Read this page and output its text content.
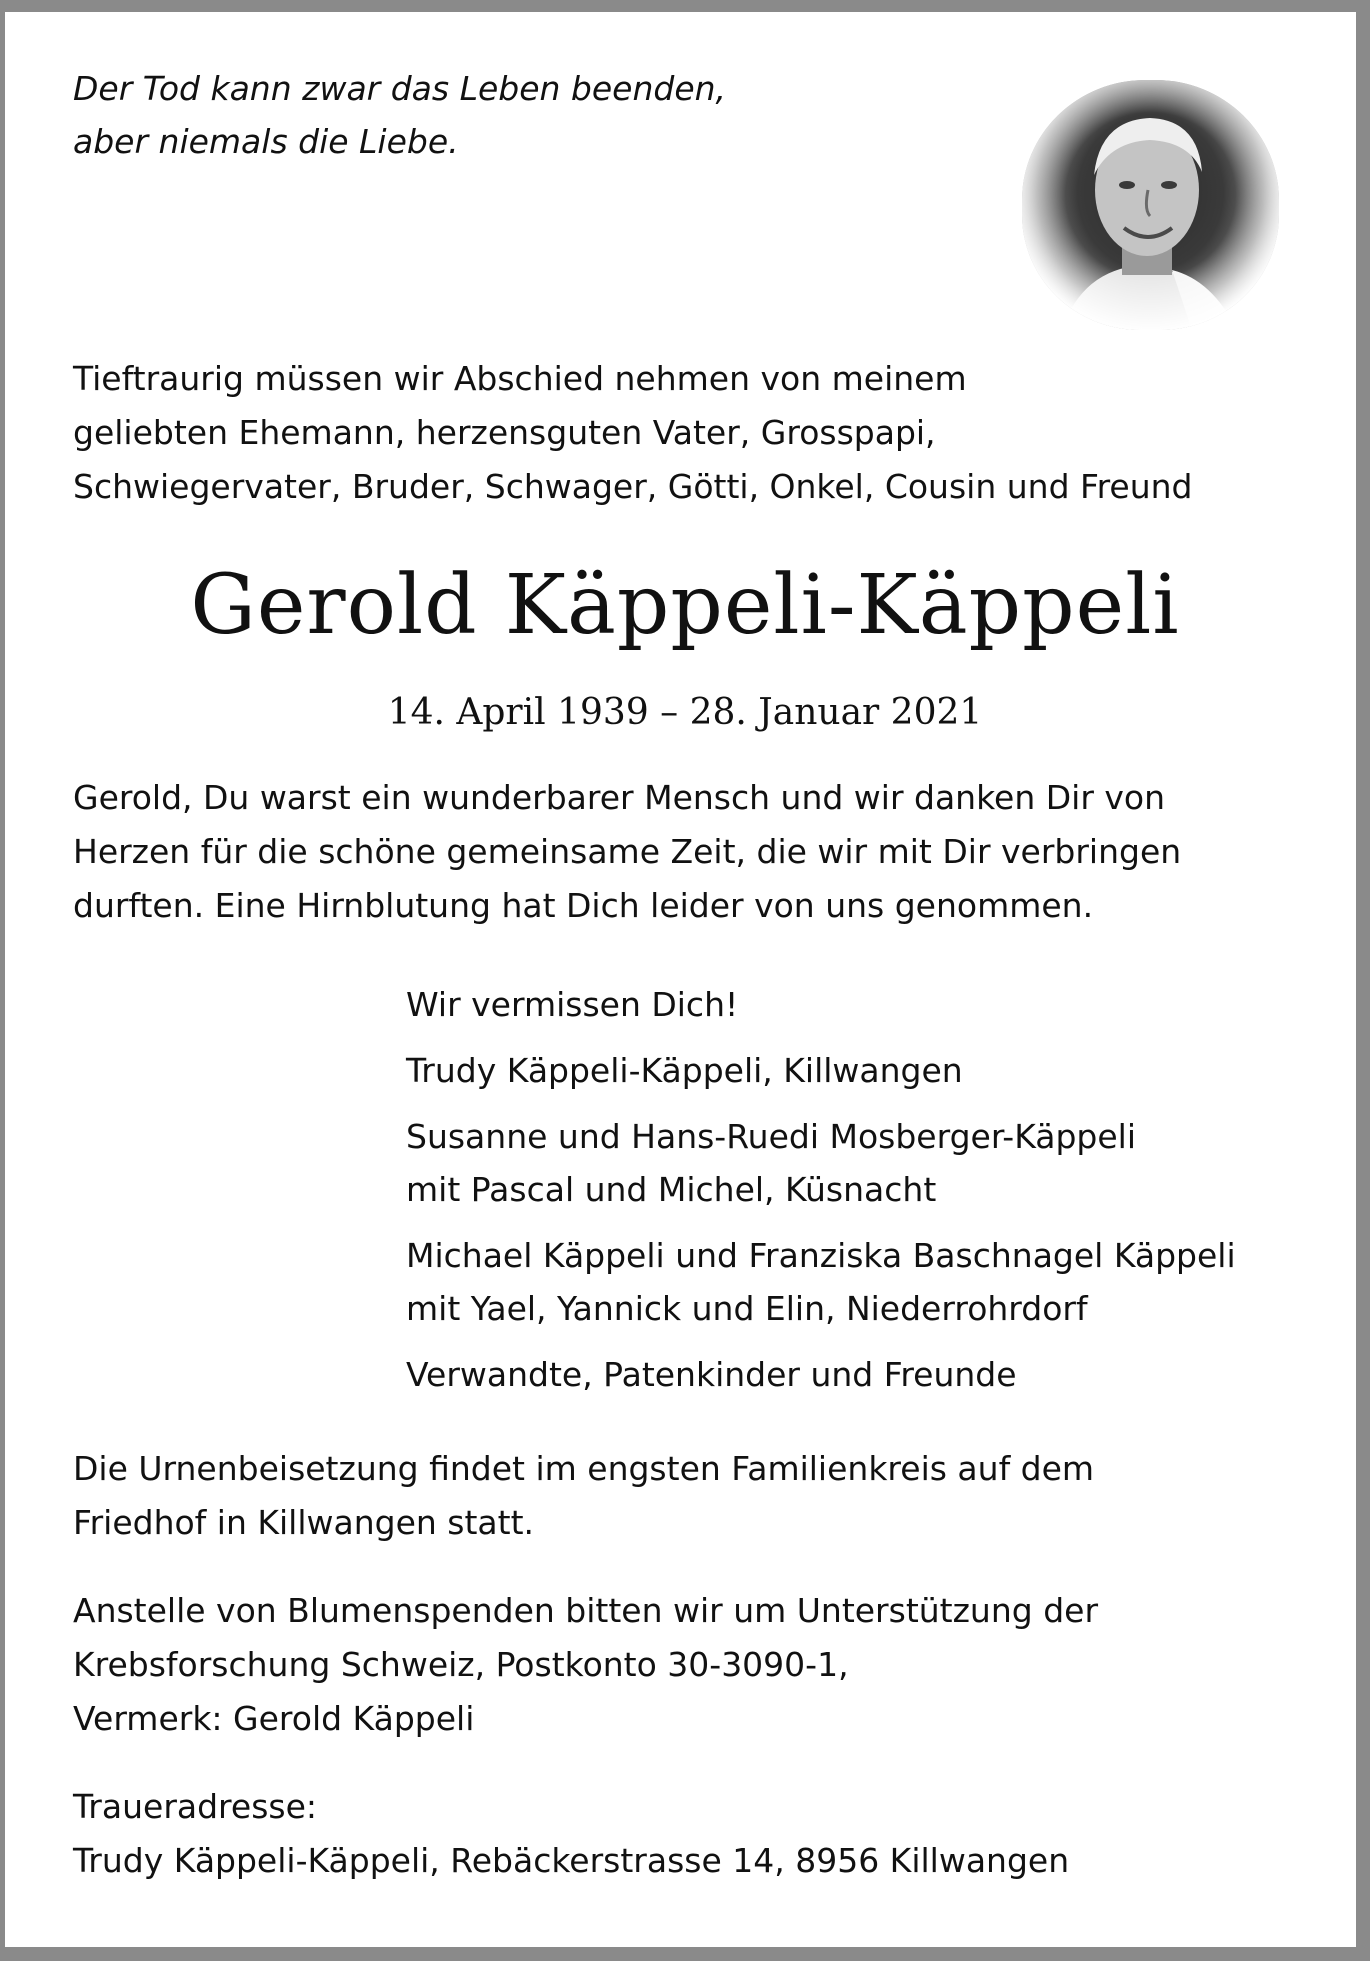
Der Tod kann zwar das Leben beenden,
aber niemals die Liebe.
Tieftraurig müssen wir Abschied nehmen von meinem
geliebten Ehemann, herzensguten Vater, Grosspapi,
Schwiegervater, Bruder, Schwager, Götti, Onkel, Cousin und Freund
Gerold Käppeli-Käppeli
14. April 1939 – 28. Januar 2021
Gerold, Du warst ein wunderbarer Mensch und wir danken Dir von
Herzen für die schöne gemeinsame Zeit, die wir mit Dir verbringen
durften. Eine Hirnblutung hat Dich leider von uns genommen.
Wir vermissen Dich!
Trudy Käppeli-Käppeli, Killwangen
Susanne und Hans-Ruedi Mosberger-Käppeli
mit Pascal und Michel, Küsnacht
Michael Käppeli und Franziska Baschnagel Käppeli
mit Yael, Yannick und Elin, Niederrohrdorf
Verwandte, Patenkinder und Freunde
Die Urnenbeisetzung findet im engsten Familienkreis auf dem
Friedhof in Killwangen statt.
Anstelle von Blumenspenden bitten wir um Unterstützung der
Krebsforschung Schweiz, Postkonto 30-3090-1,
Vermerk: Gerold Käppeli
Traueradresse:
Trudy Käppeli-Käppeli, Rebäckerstrasse 14, 8956 Killwangen
